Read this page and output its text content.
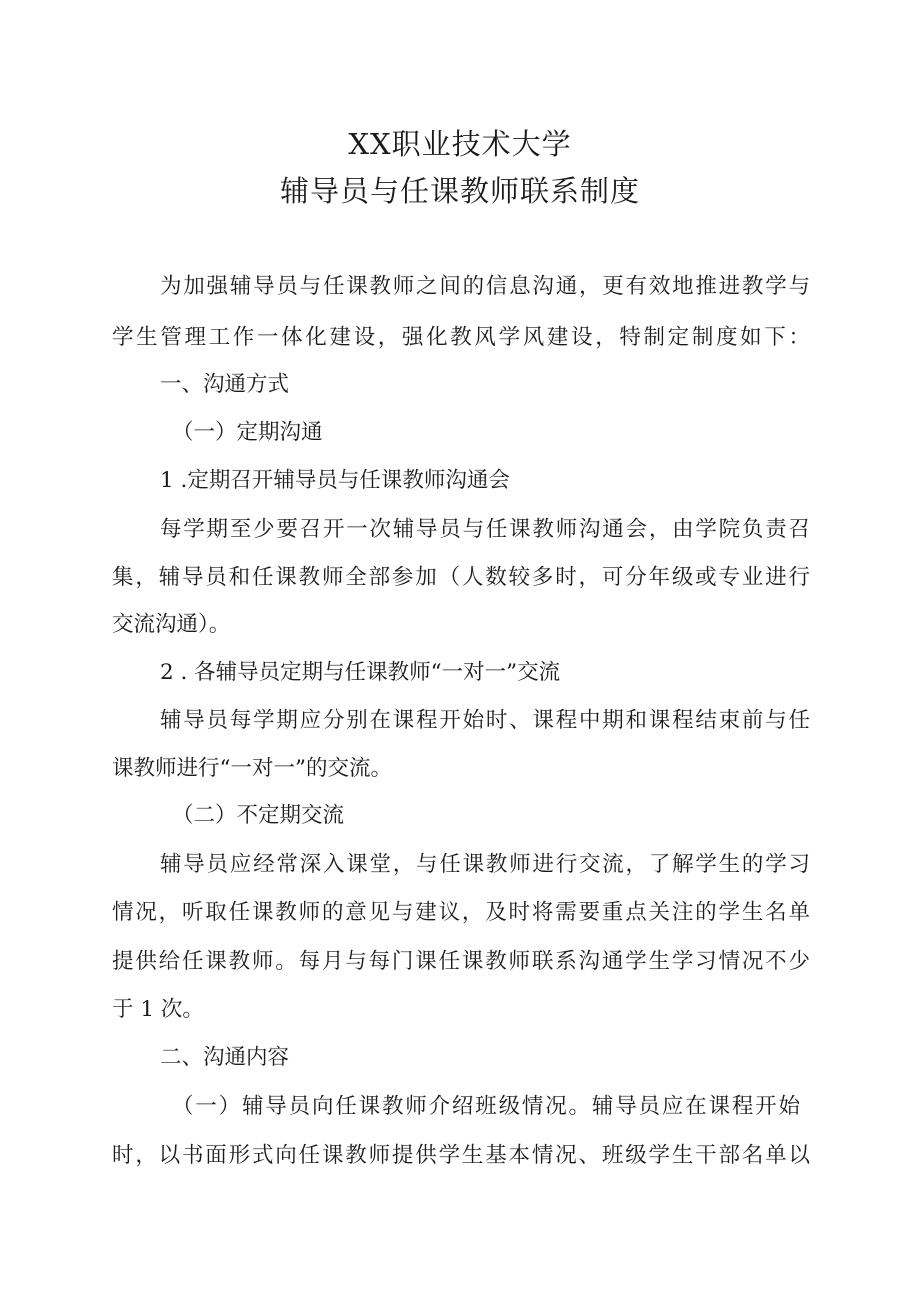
XX职业技术大学
辅导员与任课教师联系制度
为加强辅导员与任课教师之间的信息沟通，更有效地推进教学与
学生管理工作一体化建设，强化教风学风建设，特制定制度如下：
一、沟通方式
（一）定期沟通
1 .定期召开辅导员与任课教师沟通会
每学期至少要召开一次辅导员与任课教师沟通会，由学院负责召
集，辅导员和任课教师全部参加（人数较多时，可分年级或专业进行
交流沟通）。
2 . 各辅导员定期与任课教师“一对一”交流
辅导员每学期应分别在课程开始时、课程中期和课程结束前与任
课教师进行“一对一”的交流。
（二）不定期交流
辅导员应经常深入课堂，与任课教师进行交流，了解学生的学习
情况，听取任课教师的意见与建议，及时将需要重点关注的学生名单
提供给任课教师。每月与每门课任课教师联系沟通学生学习情况不少
于 1 次。
二、沟通内容
（一）辅导员向任课教师介绍班级情况。辅导员应在课程开始
时，以书面形式向任课教师提供学生基本情况、班级学生干部名单以
